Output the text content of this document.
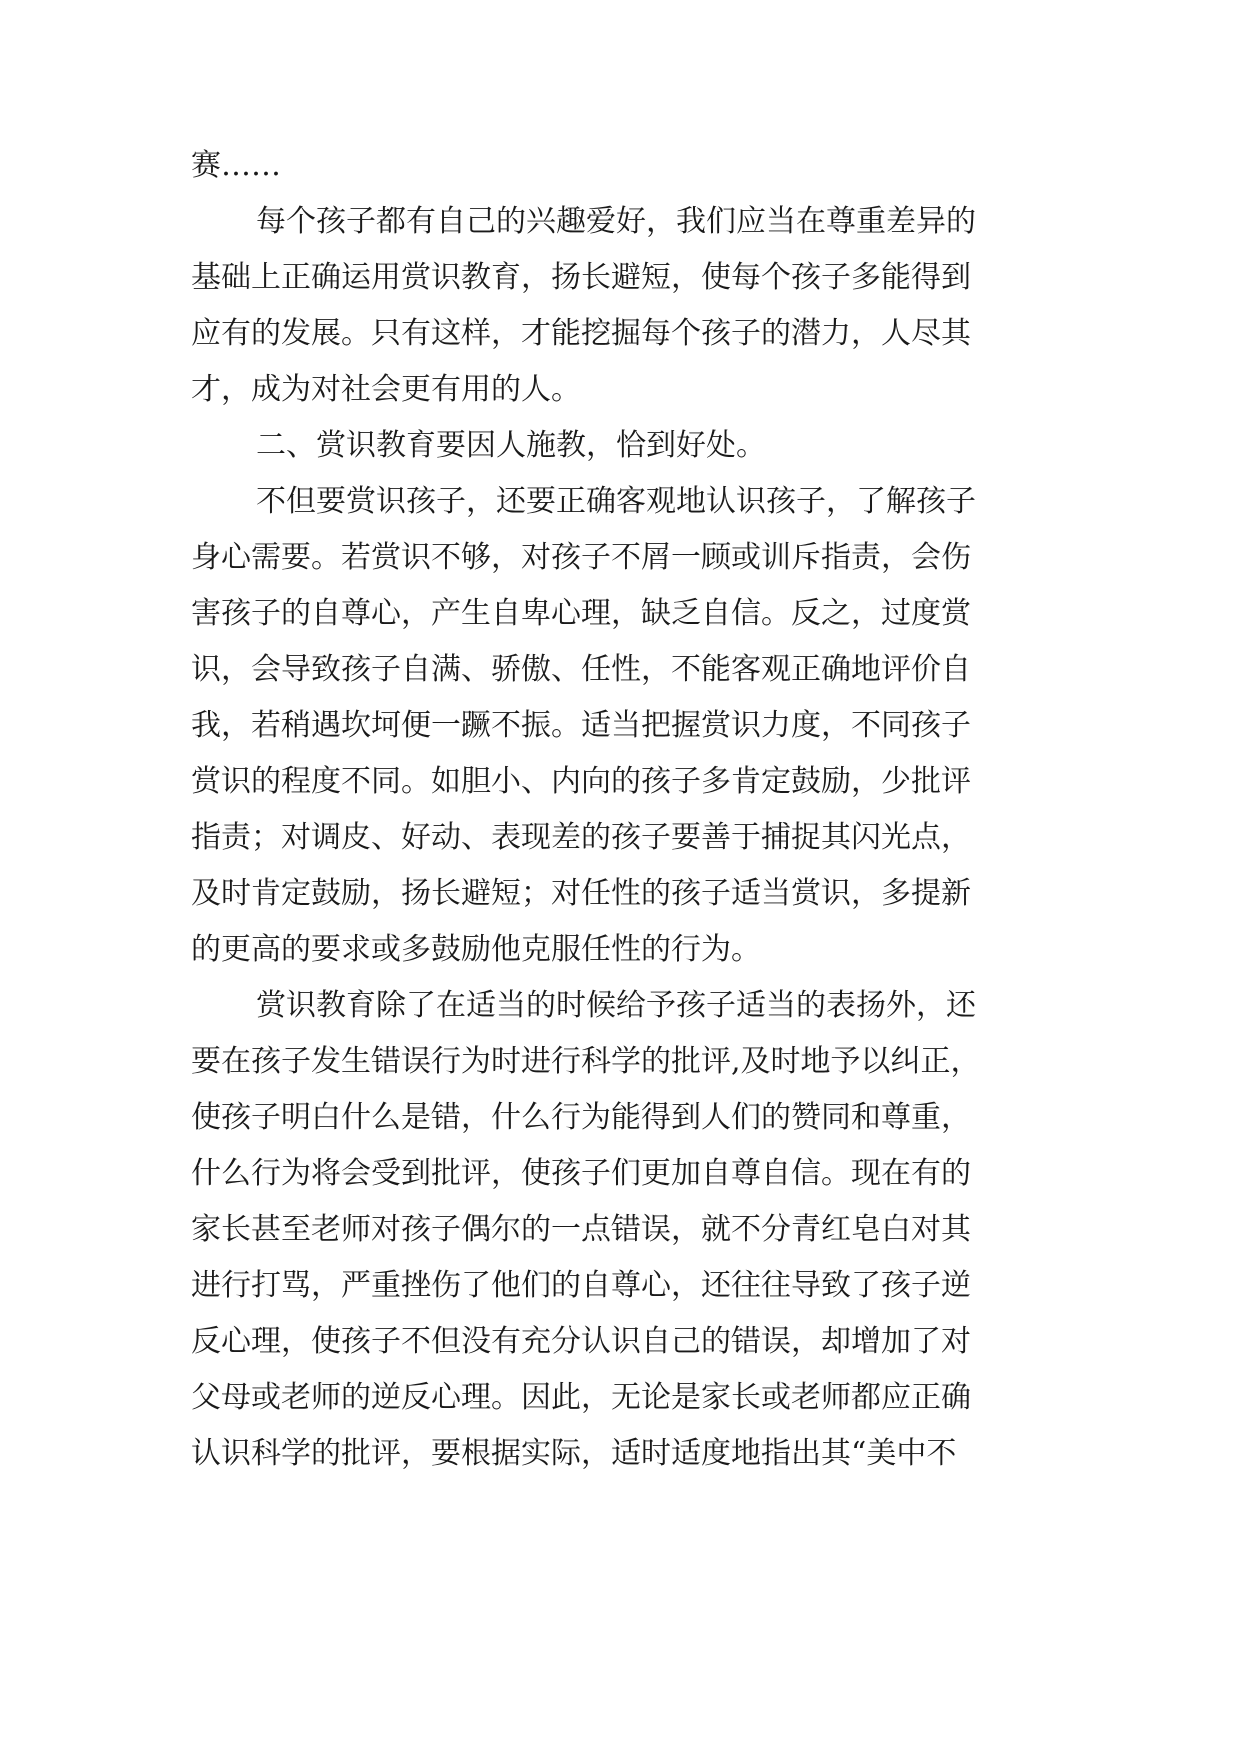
赛……
每个孩子都有自己的兴趣爱好，我们应当在尊重差异的
基础上正确运用赏识教育，扬长避短，使每个孩子多能得到
应有的发展。只有这样，才能挖掘每个孩子的潜力，人尽其
才，成为对社会更有用的人。
二、赏识教育要因人施教，恰到好处。
不但要赏识孩子，还要正确客观地认识孩子，了解孩子
身心需要。若赏识不够，对孩子不屑一顾或训斥指责，会伤
害孩子的自尊心，产生自卑心理，缺乏自信。反之，过度赏
识，会导致孩子自满、骄傲、任性，不能客观正确地评价自
我，若稍遇坎坷便一蹶不振。适当把握赏识力度，不同孩子
赏识的程度不同。如胆小、内向的孩子多肯定鼓励，少批评
指责；对调皮、好动、表现差的孩子要善于捕捉其闪光点，
及时肯定鼓励，扬长避短；对任性的孩子适当赏识，多提新
的更高的要求或多鼓励他克服任性的行为。
赏识教育除了在适当的时候给予孩子适当的表扬外，还
要在孩子发生错误行为时进行科学的批评,及时地予以纠正，
使孩子明白什么是错，什么行为能得到人们的赞同和尊重，
什么行为将会受到批评，使孩子们更加自尊自信。现在有的
家长甚至老师对孩子偶尔的一点错误，就不分青红皂白对其
进行打骂，严重挫伤了他们的自尊心，还往往导致了孩子逆
反心理，使孩子不但没有充分认识自己的错误，却增加了对
父母或老师的逆反心理。因此，无论是家长或老师都应正确
认识科学的批评，要根据实际，适时适度地指出其“美中不
